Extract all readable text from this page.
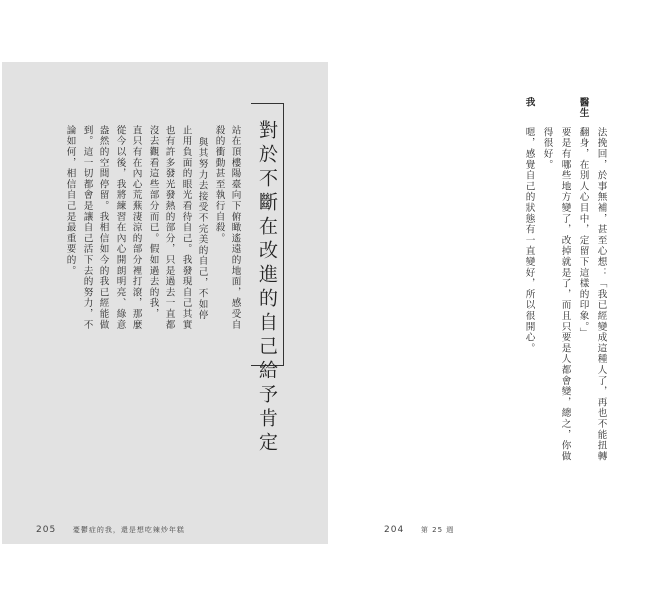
法挽回，於事無補，甚至心想：「我已經變成這種人了，再也不能扭轉
翻身，在別人心目中，定留下這樣的印象。」
要是有哪些地方變了，改掉就是了，而且只要是人都會變，總之，你做
得很好。
醫生
嗯，感覺自己的狀態有一直變好，所以很開心。
我
對於不斷在改進的自己給予肯定
站在頂樓陽臺向下俯瞰遙遠的地面，感受自
殺的衝動甚至執行自殺。
與其努力去接受不完美的自己，不如停
止用負面的眼光看待自己。我發現自己其實
也有許多發光發熱的部分，只是過去一直都
沒去觀看這些部分而已。假如過去的我，
直只有在內心荒蕪淒涼的部分裡打滾，那麼
從今以後，我將練習在內心開朗明亮、綠意
盎然的空間停留。我相信如今的我已經能做
到。這一切都會是讓自己活下去的努力，不
論如何，相信自己是最重要的。
204 第 25 週
205 憂鬱症的我，還是想吃辣炒年糕
